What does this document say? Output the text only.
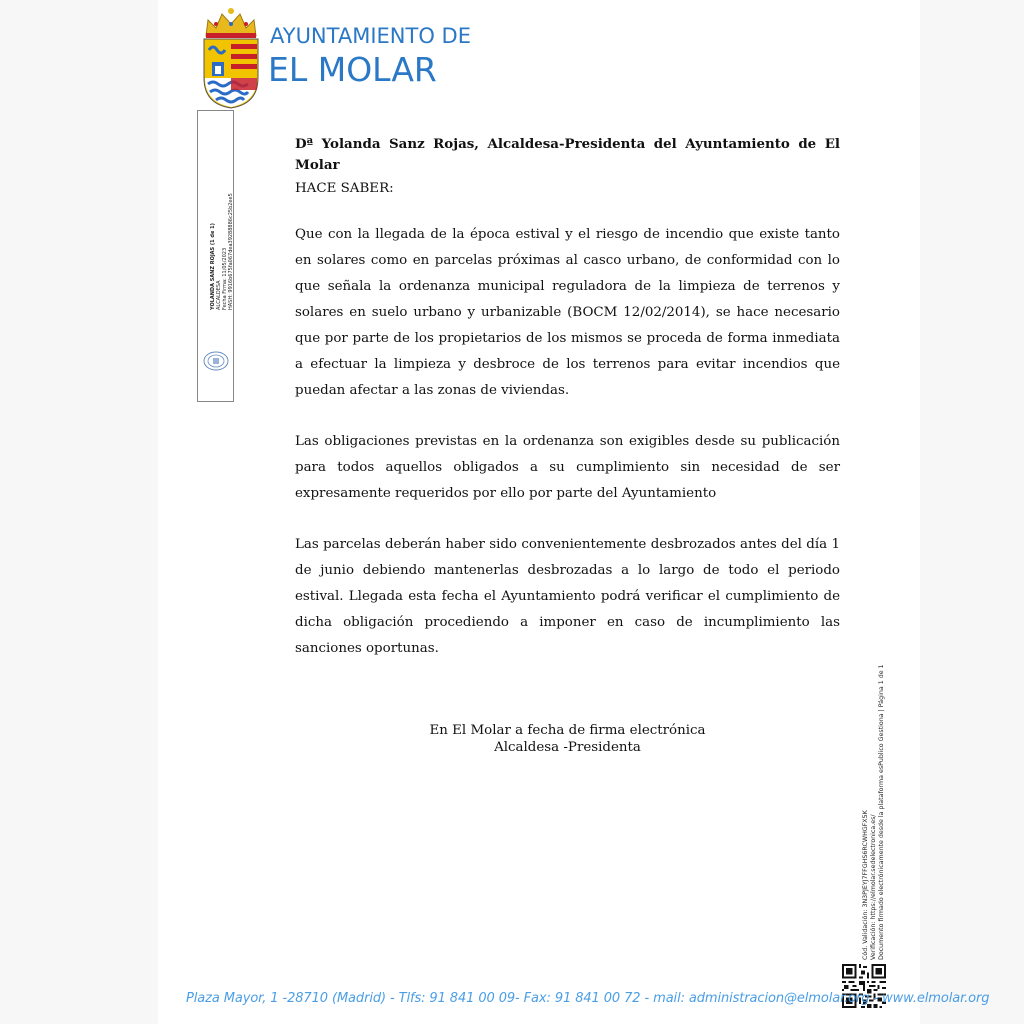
AYUNTAMIENTO DE
EL MOLAR
YOLANDA SANZ ROJAS (1 de 1) ALCALDESA Fecha Firma: 11/05/2023 HASH: 9916b675fa067dea39288886c25b2ee5

Dª Yolanda Sanz Rojas, Alcaldesa-Presidenta del Ayuntamiento de El Molar

HACE SABER:

Que con la llegada de la época estival y el riesgo de incendio que existe tanto en solares como en parcelas próximas al casco urbano, de conformidad con lo que señala la ordenanza municipal reguladora de la limpieza de terrenos y solares en suelo urbano y urbanizable (BOCM 12/02/2014), se hace necesario que por parte de los propietarios de los mismos se proceda de forma inmediata a efectuar la limpieza y desbroce de los terrenos para evitar incendios que puedan afectar a las zonas de viviendas.

Las obligaciones previstas en la ordenanza son exigibles desde su publicación para todos aquellos obligados a su cumplimiento sin necesidad de ser expresamente requeridos por ello por parte del Ayuntamiento

Las parcelas deberán haber sido convenientemente desbrozados antes del día 1 de junio debiendo mantenerlas desbrozadas a lo largo de todo el periodo estival. Llegada esta fecha el Ayuntamiento podrá verificar el cumplimiento de dicha obligación procediendo a imponer en caso de incumplimiento las sanciones oportunas.

En El Molar a fecha de firma electrónica
Alcaldesa -Presidenta
Cód. Validación: 3N3PJEYJ7FFGHS6RCWHGFX5K Verificación: https://elmolar.sedelectronica.es/ Documento firmado electrónicamente desde la plataforma esPublico Gestiona | Página 1 de 1
Plaza Mayor, 1 -28710 (Madrid) - Tlfs: 91 841 00 09- Fax: 91 841 00 72 - mail: administracion@elmolar.org - www.elmolar.org
